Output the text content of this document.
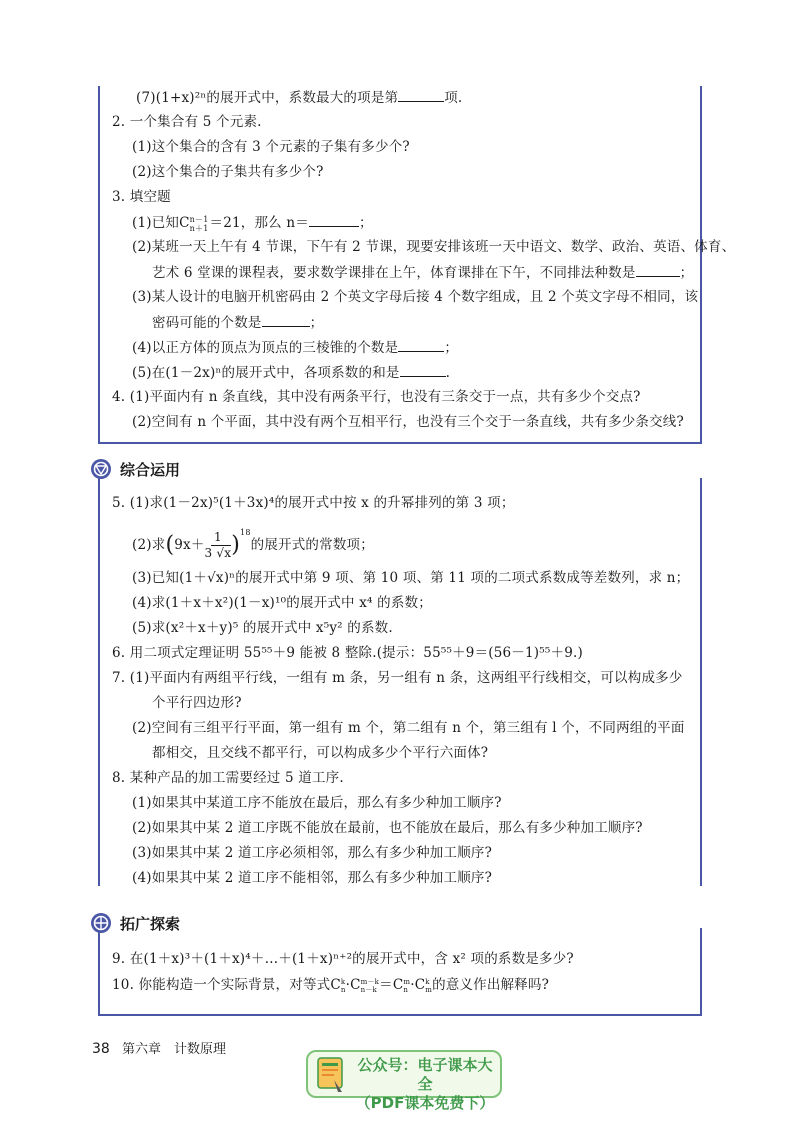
(7)(1+x)²ⁿ的展开式中，系数最大的项是第	项.
2. 一个集合有 5 个元素.
(1)这个集合的含有 3 个元素的子集有多少个?
(2)这个集合的子集共有多少个?
3. 填空题
(1)已知C n－1
n＋1 ＝21，那么 n＝	；
(2)某班一天上午有 4 节课，下午有 2 节课，现要安排该班一天中语文、数学、政治、英语、体育、
艺术 6 堂课的课程表，要求数学课排在上午，体育课排在下午，不同排法种数是	；
(3)某人设计的电脑开机密码由 2 个英文字母后接 4 个数字组成，且 2 个英文字母不相同，该
密码可能的个数是	；
(4)以正方体的顶点为顶点的三棱锥的个数是	；
(5)在(1－2x)ⁿ的展开式中，各项系数的和是	.
4. (1)平面内有 n 条直线，其中没有两条平行，也没有三条交于一点，共有多少个交点?
(2)空间有 n 个平面，其中没有两个互相平行，也没有三个交于一条直线，共有多少条交线?
综合运用
5. (1)求(1－2x)⁵(1＋3x)⁴的展开式中按 x 的升幂排列的第 3 项；
(2)求$(9x+ \frac{1}{3 √x} )^{18}$的展开式的常数项；
(3)已知(1＋√x)ⁿ的展开式中第 9 项、第 10 项、第 11 项的二项式系数成等差数列，求 n；
(4)求(1＋x＋x²)(1－x)¹⁰的展开式中 x⁴ 的系数；
(5)求(x²＋x＋y)⁵ 的展开式中 x⁵y² 的系数.
6. 用二项式定理证明 55⁵⁵＋9 能被 8 整除.(提示：55⁵⁵＋9＝(56－1)⁵⁵＋9.)
7. (1)平面内有两组平行线，一组有 m 条，另一组有 n 条，这两组平行线相交，可以构成多少
个平行四边形?
(2)空间有三组平行平面，第一组有 m 个，第二组有 n 个，第三组有 l 个，不同两组的平面
都相交，且交线不都平行，可以构成多少个平行六面体?
8. 某种产品的加工需要经过 5 道工序.
(1)如果其中某道工序不能放在最后，那么有多少种加工顺序?
(2)如果其中某 2 道工序既不能放在最前，也不能放在最后，那么有多少种加工顺序?
(3)如果其中某 2 道工序必须相邻，那么有多少种加工顺序?
(4)如果其中某 2 道工序不能相邻，那么有多少种加工顺序?
拓广探索
9. 在(1＋x)³＋(1＋x)⁴＋…＋(1＋x)ⁿ⁺²的展开式中，含 x² 项的系数是多少?
10. 你能构造一个实际背景，对等式C k
n ·C m－k
n－k ＝C m
n ·C k
m 的意义作出解释吗?
38 第六章　计数原理
公众号：电子课本大全
（PDF课本免费下）
